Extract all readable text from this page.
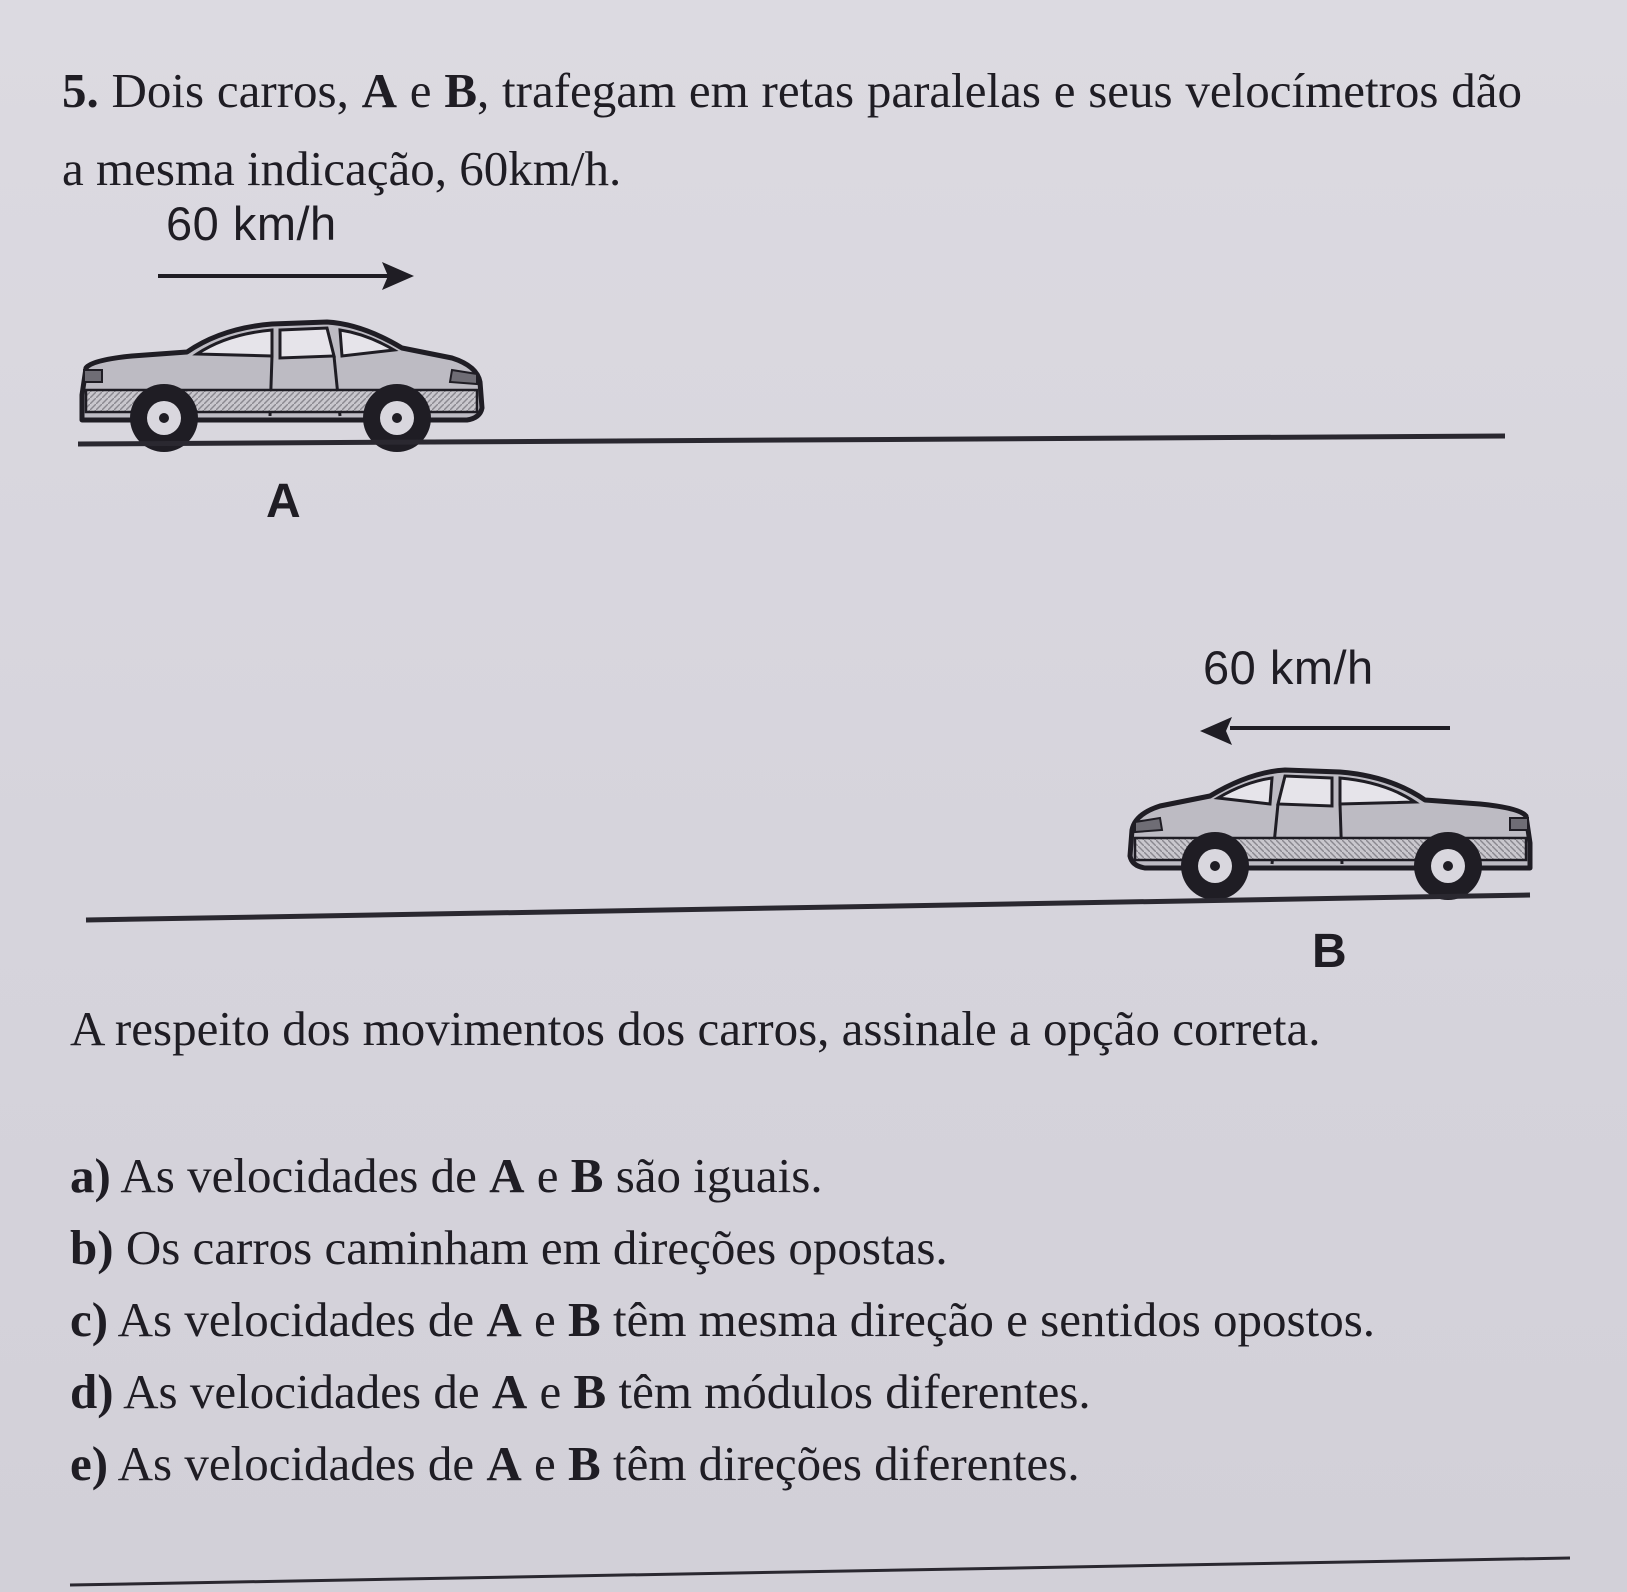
5. Dois carros, A e B, trafegam em retas paralelas e seus velocímetros dão a mesma indicação, 60km/h.
60 km/h
A
60 km/h
B
A respeito dos movimentos dos carros, assinale a opção correta.
a) As velocidades de A e B são iguais.
b) Os carros caminham em direções opostas.
c) As velocidades de A e B têm mesma direção e sentidos opostos.
d) As velocidades de A e B têm módulos diferentes.
e) As velocidades de A e B têm direções diferentes.
